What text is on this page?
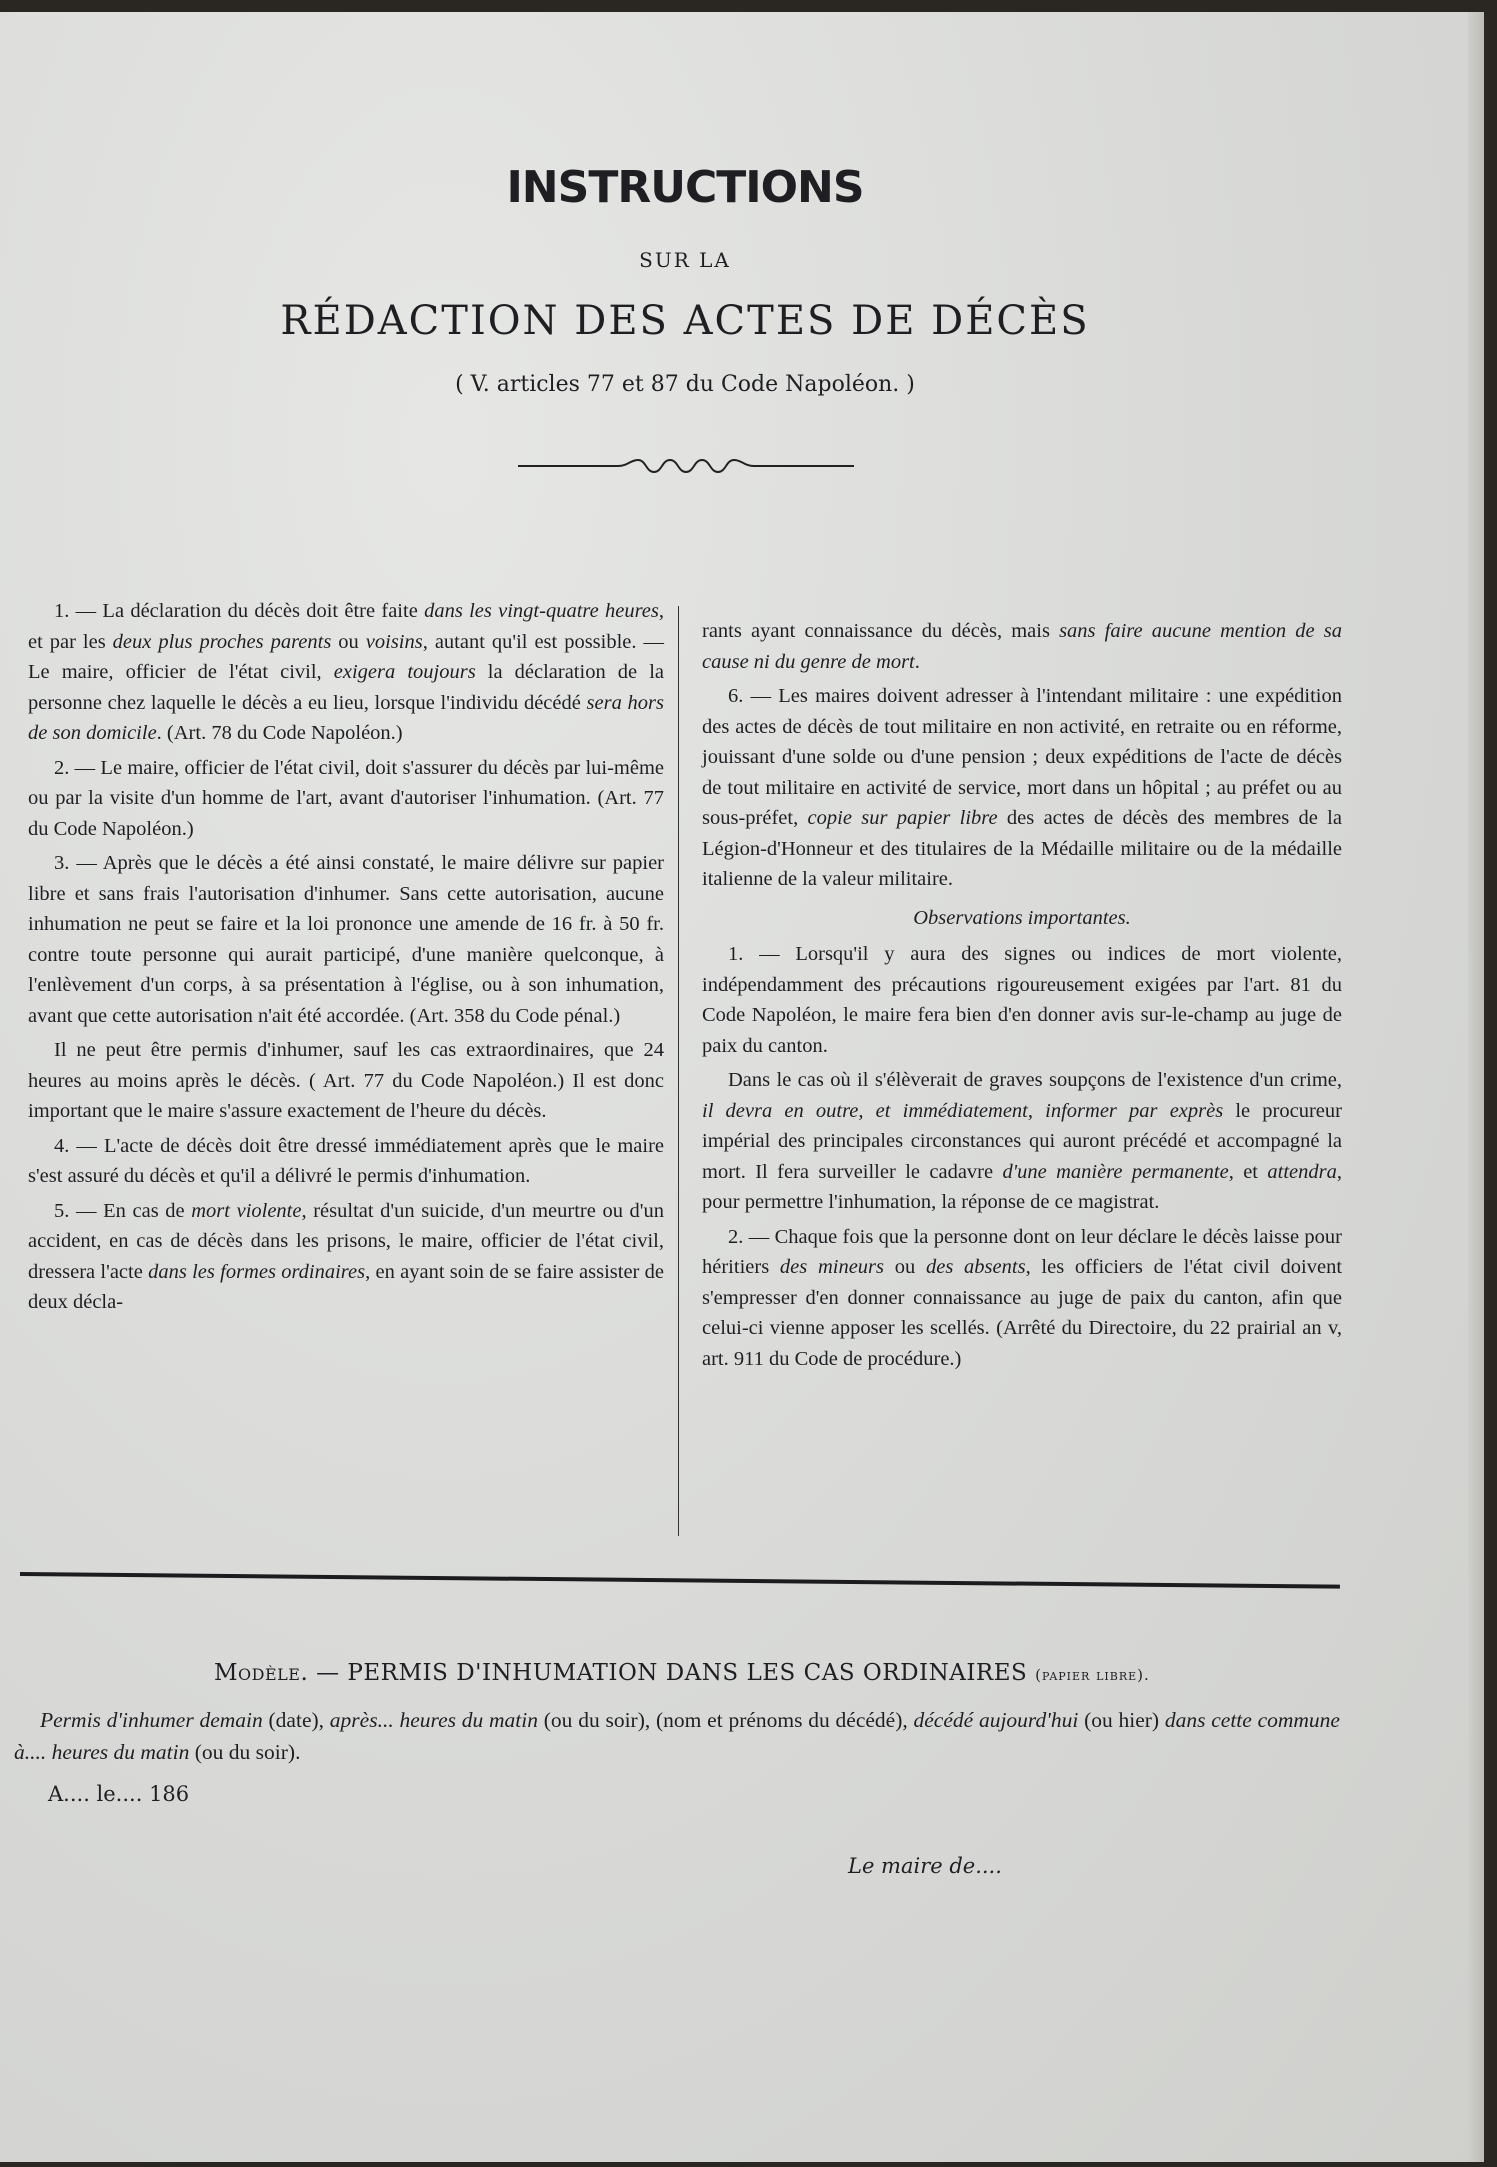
INSTRUCTIONS
SUR LA
RÉDACTION DES ACTES DE DÉCÈS
( V. articles 77 et 87 du Code Napoléon. )

1. — La déclaration du décès doit être faite dans les vingt-quatre heures, et par les deux plus proches parents ou voisins, autant qu'il est possible. — Le maire, officier de l'état civil, exigera toujours la déclaration de la personne chez laquelle le décès a eu lieu, lorsque l'individu décédé sera hors de son domicile. (Art. 78 du Code Napoléon.)

2. — Le maire, officier de l'état civil, doit s'assurer du décès par lui-même ou par la visite d'un homme de l'art, avant d'autoriser l'inhumation. (Art. 77 du Code Napoléon.)

3. — Après que le décès a été ainsi constaté, le maire délivre sur papier libre et sans frais l'autorisation d'inhumer. Sans cette autorisation, aucune inhumation ne peut se faire et la loi prononce une amende de 16 fr. à 50 fr. contre toute personne qui aurait participé, d'une manière quelconque, à l'enlèvement d'un corps, à sa présentation à l'église, ou à son inhumation, avant que cette autorisation n'ait été accordée. (Art. 358 du Code pénal.)

Il ne peut être permis d'inhumer, sauf les cas extraordinaires, que 24 heures au moins après le décès. ( Art. 77 du Code Napoléon.) Il est donc important que le maire s'assure exactement de l'heure du décès.

4. — L'acte de décès doit être dressé immédiatement après que le maire s'est assuré du décès et qu'il a délivré le permis d'inhumation.

5. — En cas de mort violente, résultat d'un suicide, d'un meurtre ou d'un accident, en cas de décès dans les prisons, le maire, officier de l'état civil, dressera l'acte dans les formes ordinaires, en ayant soin de se faire assister de deux décla-

rants ayant connaissance du décès, mais sans faire aucune mention de sa cause ni du genre de mort.

6. — Les maires doivent adresser à l'intendant militaire : une expédition des actes de décès de tout militaire en non activité, en retraite ou en réforme, jouissant d'une solde ou d'une pension ; deux expéditions de l'acte de décès de tout militaire en activité de service, mort dans un hôpital ; au préfet ou au sous-préfet, copie sur papier libre des actes de décès des membres de la Légion-d'Honneur et des titulaires de la Médaille militaire ou de la médaille italienne de la valeur militaire.

Observations importantes.

1. — Lorsqu'il y aura des signes ou indices de mort violente, indépendamment des précautions rigoureusement exigées par l'art. 81 du Code Napoléon, le maire fera bien d'en donner avis sur-le-champ au juge de paix du canton.

Dans le cas où il s'élèverait de graves soupçons de l'existence d'un crime, il devra en outre, et immédiatement, informer par exprès le procureur impérial des principales circonstances qui auront précédé et accompagné la mort. Il fera surveiller le cadavre d'une manière permanente, et attendra, pour permettre l'inhumation, la réponse de ce magistrat.

2. — Chaque fois que la personne dont on leur déclare le décès laisse pour héritiers des mineurs ou des absents, les officiers de l'état civil doivent s'empresser d'en donner connaissance au juge de paix du canton, afin que celui-ci vienne apposer les scellés. (Arrêté du Directoire, du 22 prairial an v, art. 911 du Code de procédure.)

Modèle. — PERMIS D'INHUMATION DANS LES CAS ORDINAIRES (papier libre).

Permis d'inhumer demain (date), après... heures du matin (ou du soir), (nom et prénoms du décédé), décédé aujourd'hui (ou hier) dans cette commune à.... heures du matin (ou du soir).

A.... le.... 186
Le maire de....
